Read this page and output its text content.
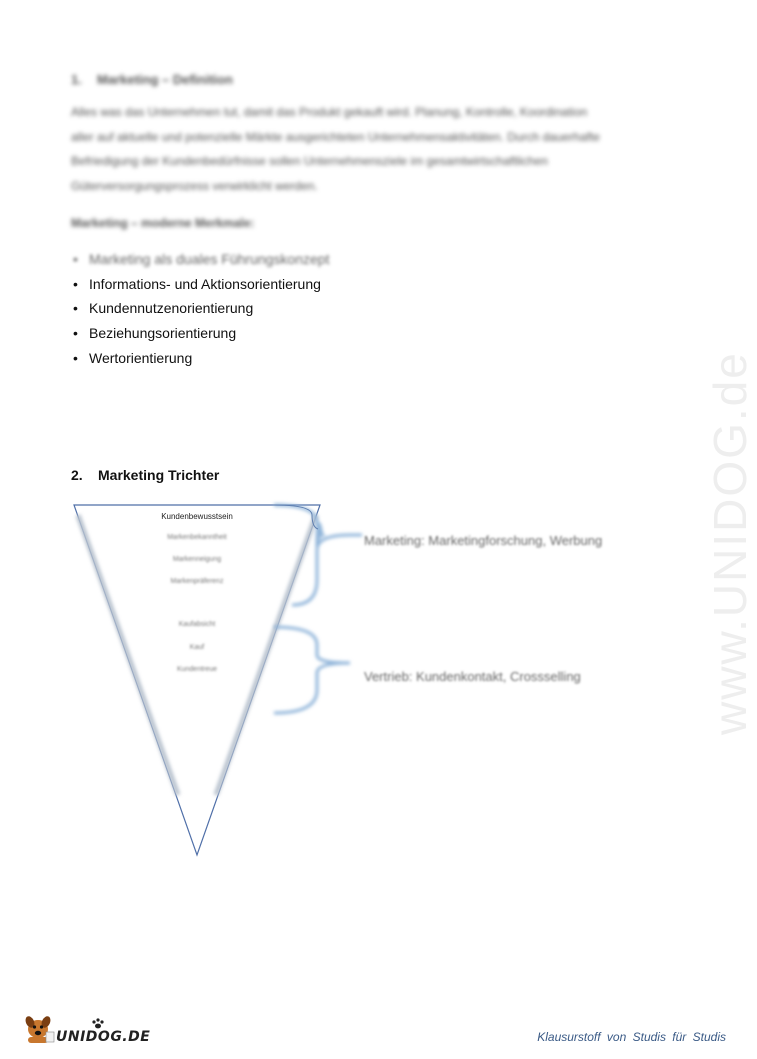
1. Marketing – Definition
Alles was das Unternehmen tut, damit das Produkt gekauft wird. Planung, Kontrolle, Koordination
aller auf aktuelle und potenzielle Märkte ausgerichteten Unternehmensaktivitäten. Durch dauerhafte
Befriedigung der Kundenbedürfnisse sollen Unternehmensziele im gesamtwirtschaftlichen
Güterversorgungsprozess verwirklicht werden.
Marketing – moderne Merkmale:
• Marketing als duales Führungskonzept
• Informations- und Aktionsorientierung
• Kundennutzenorientierung
• Beziehungsorientierung
• Wertorientierung
2. Marketing Trichter
Kundenbewusstsein
Markenbekanntheit
Markenneigung
Markenpräferenz
Kaufabsicht
Kauf
Kundentreue
Marketing: Marketingforschung, Werbung
Vertrieb: Kundenkontakt, Crossselling	www.UNIDOG.de
UNIDOG.DE	Klausurstoff von Studis für Studis
